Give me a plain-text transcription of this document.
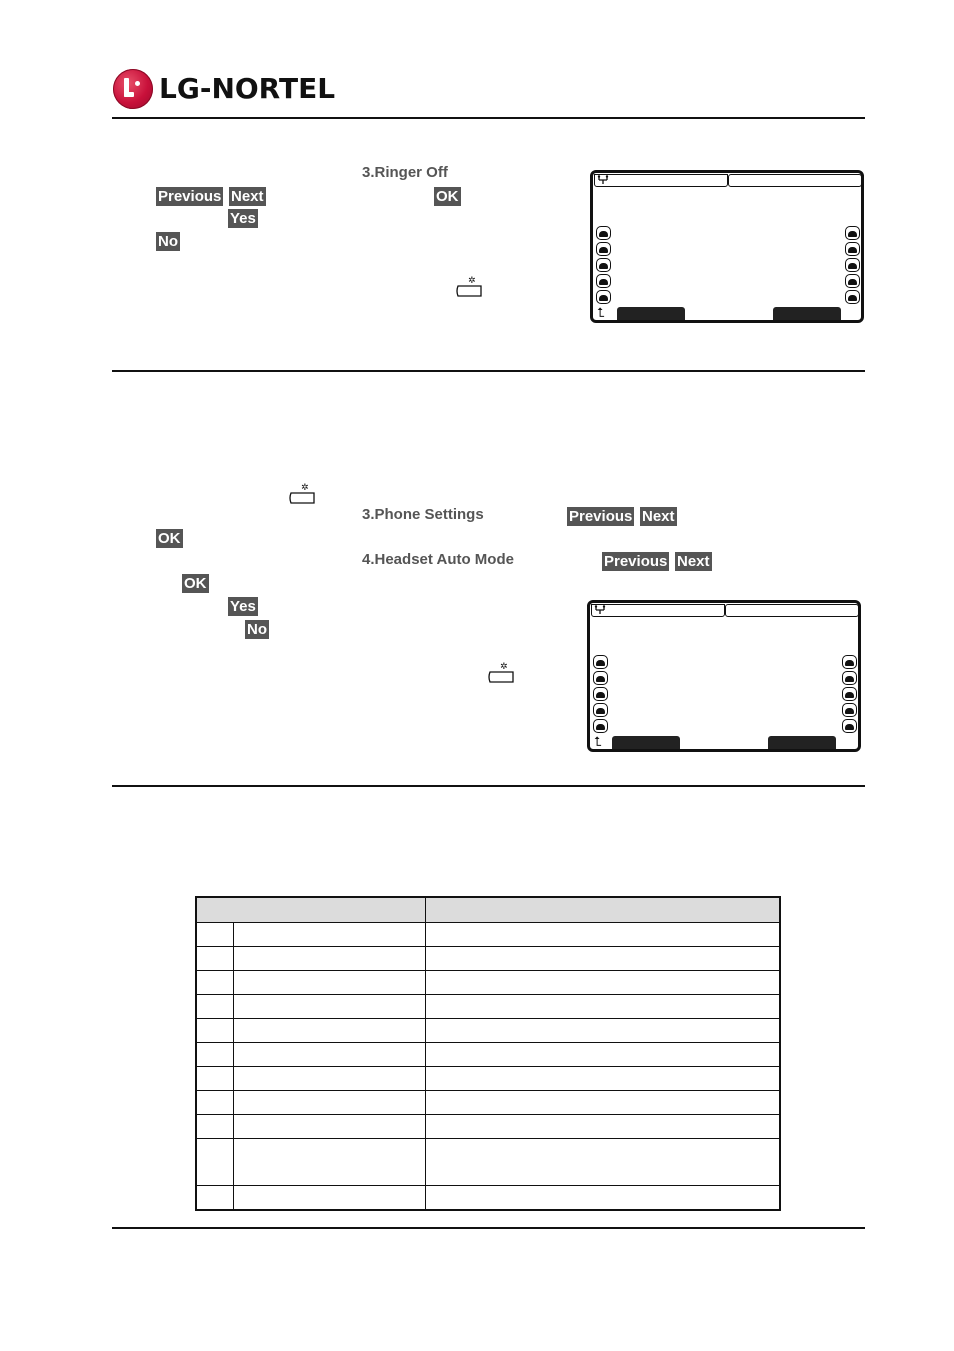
LG-NORTEL
3.Ringer Off
Previous Next	OK
Yes
No
✲
⮤
✲
3.Phone Settings	Previous Next
OK
4.Headset Auto Mode	Previous Next
OK
Yes
No
✲
⮤
